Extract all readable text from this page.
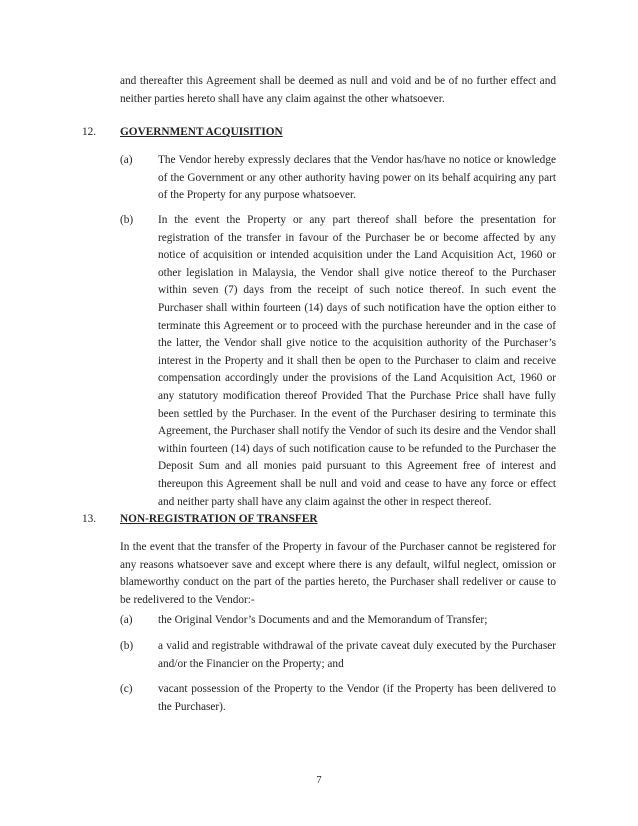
and thereafter this Agreement shall be deemed as null and void and be of no further effect and neither parties hereto shall have any claim against the other whatsoever.

12. GOVERNMENT ACQUISITION
(a) The Vendor hereby expressly declares that the Vendor has/have no notice or knowledge of the Government or any other authority having power on its behalf acquiring any part of the Property for any purpose whatsoever.

(b) In the event the Property or any part thereof shall before the presentation for registration of the transfer in favour of the Purchaser be or become affected by any notice of acquisition or intended acquisition under the Land Acquisition Act, 1960 or other legislation in Malaysia, the Vendor shall give notice thereof to the Purchaser within seven (7) days from the receipt of such notice thereof. In such event the Purchaser shall within fourteen (14) days of such notification have the option either to terminate this Agreement or to proceed with the purchase hereunder and in the case of the latter, the Vendor shall give notice to the acquisition authority of the Purchaser’s interest in the Property and it shall then be open to the Purchaser to claim and receive compensation accordingly under the provisions of the Land Acquisition Act, 1960 or any statutory modification thereof Provided That the Purchase Price shall have fully been settled by the Purchaser. In the event of the Purchaser desiring to terminate this Agreement, the Purchaser shall notify the Vendor of such its desire and the Vendor shall within fourteen (14) days of such notification cause to be refunded to the Purchaser the Deposit Sum and all monies paid pursuant to this Agreement free of interest and thereupon this Agreement shall be null and void and cease to have any force or effect and neither party shall have any claim against the other in respect thereof.

13. NON-REGISTRATION OF TRANSFER

In the event that the transfer of the Property in favour of the Purchaser cannot be registered for any reasons whatsoever save and except where there is any default, wilful neglect, omission or blameworthy conduct on the part of the parties hereto, the Purchaser shall redeliver or cause to be redelivered to the Vendor:-

(a) the Original Vendor’s Documents and and the Memorandum of Transfer;

(b) a valid and registrable withdrawal of the private caveat duly executed by the Purchaser and/or the Financier on the Property; and

(c) vacant possession of the Property to the Vendor (if the Property has been delivered to the Purchaser).

7
